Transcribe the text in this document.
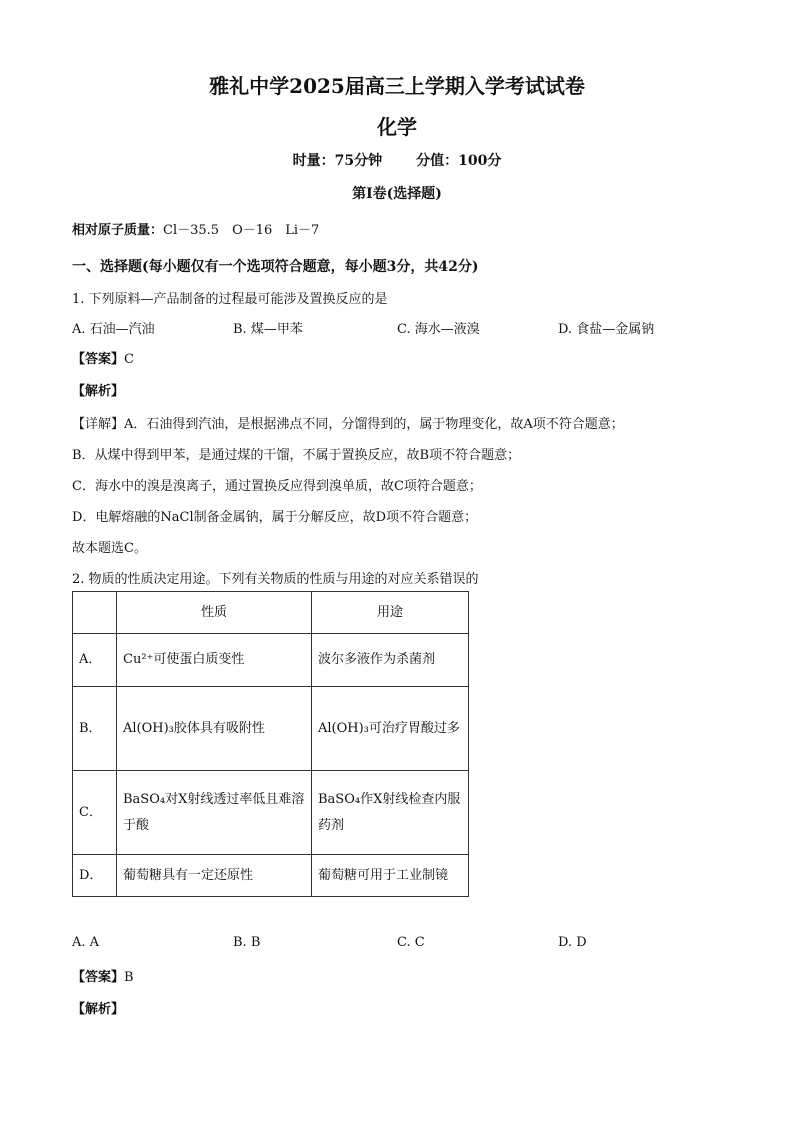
雅礼中学2025届高三上学期入学考试试卷
化学
时量：75分钟 分值：100分
第Ⅰ卷(选择题)
相对原子质量：Cl－35.5　O－16　Li－7
一、选择题(每小题仅有一个选项符合题意，每小题3分，共42分)
1. 下列原料—产品制备的过程最可能涉及置换反应的是
A. 石油—汽油	B. 煤—甲苯	C. 海水—液溴	D. 食盐—金属钠
【答案】C
【解析】
【详解】A．石油得到汽油，是根据沸点不同，分馏得到的，属于物理变化，故A项不符合题意；
B．从煤中得到甲苯，是通过煤的干馏，不属于置换反应，故B项不符合题意；
C．海水中的溴是溴离子，通过置换反应得到溴单质，故C项符合题意；
D．电解熔融的NaCl制备金属钠，属于分解反应，故D项不符合题意；
故本题选C。
2. 物质的性质决定用途。下列有关物质的性质与用途的对应关系错误的
	性质	用途
A．	Cu²⁺可使蛋白质变性	波尔多液作为杀菌剂
B．	Al(OH)₃胶体具有吸附性	Al(OH)₃可治疗胃酸过多
C．	BaSO₄对X射线透过率低且难溶于酸	BaSO₄作X射线检查内服药剂
D．	葡萄糖具有一定还原性	葡萄糖可用于工业制镜
A. A	B. B	C. C	D. D
【答案】B
【解析】
